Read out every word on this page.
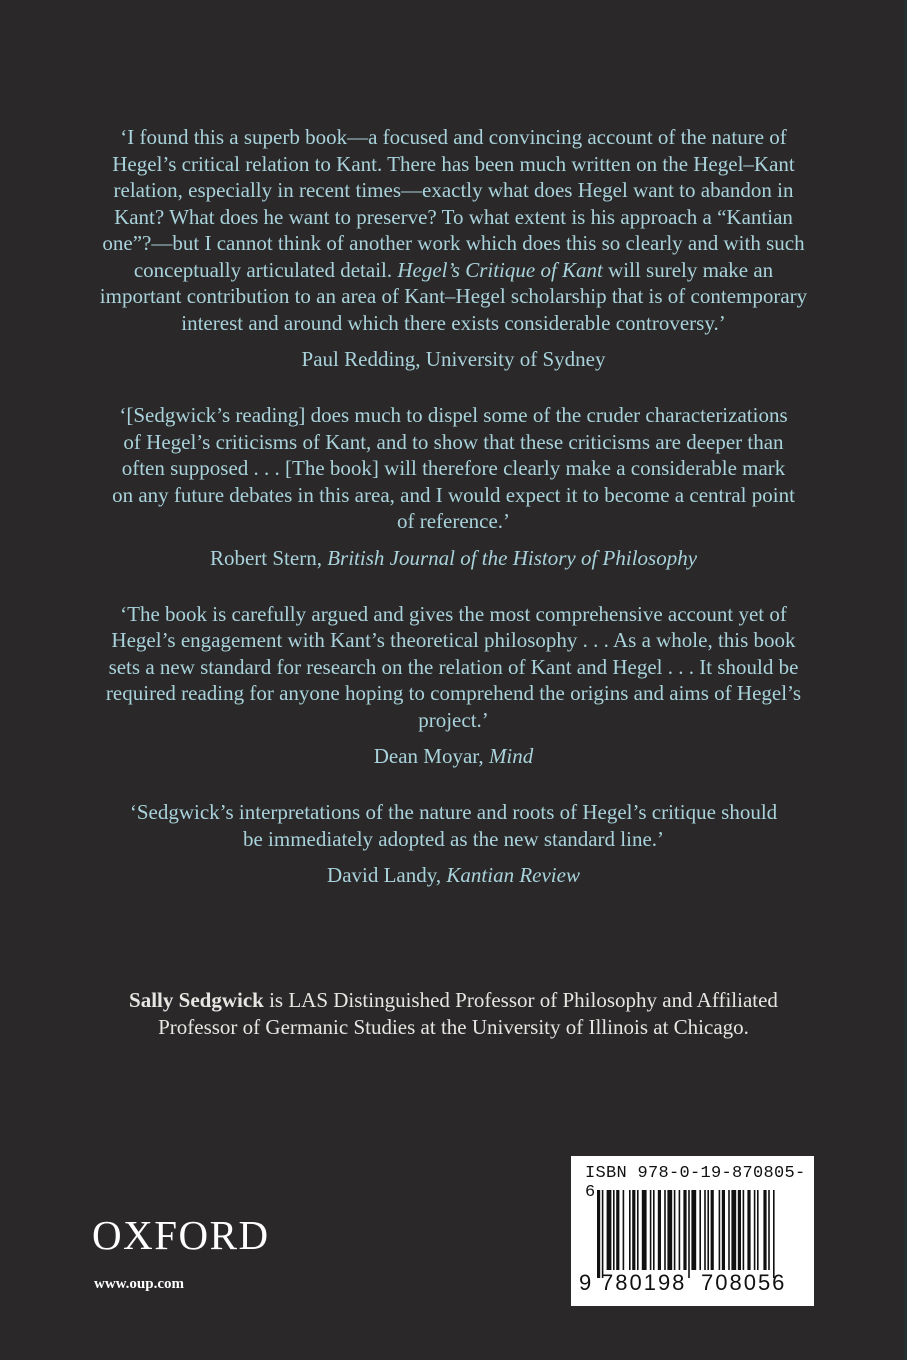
‘I found this a superb book—a focused and convincing account of the nature of Hegel’s critical relation to Kant. There has been much written on the Hegel–Kant relation, especially in recent times—exactly what does Hegel want to abandon in Kant? What does he want to preserve? To what extent is his approach a “Kantian one”?—but I cannot think of another work which does this so clearly and with such conceptually articulated detail. Hegel’s Critique of Kant will surely make an important contribution to an area of Kant–Hegel scholarship that is of contemporary interest and around which there exists considerable controversy.’

Paul Redding, University of Sydney

‘[Sedgwick’s reading] does much to dispel some of the cruder characterizations of Hegel’s criticisms of Kant, and to show that these criticisms are deeper than often supposed . . . [The book] will therefore clearly make a considerable mark on any future debates in this area, and I would expect it to become a central point of reference.’

Robert Stern, British Journal of the History of Philosophy

‘The book is carefully argued and gives the most comprehensive account yet of Hegel’s engagement with Kant’s theoretical philosophy . . . As a whole, this book sets a new standard for research on the relation of Kant and Hegel . . . It should be required reading for anyone hoping to comprehend the origins and aims of Hegel’s project.’

Dean Moyar, Mind

‘Sedgwick’s interpretations of the nature and roots of Hegel’s critique should be immediately adopted as the new standard line.’

David Landy, Kantian Review
Sally Sedgwick is LAS Distinguished Professor of Philosophy and Affiliated Professor of Germanic Studies at the University of Illinois at Chicago.
OXFORD
www.oup.com
ISBN 978-0-19-870805-6
9 780198 708056
